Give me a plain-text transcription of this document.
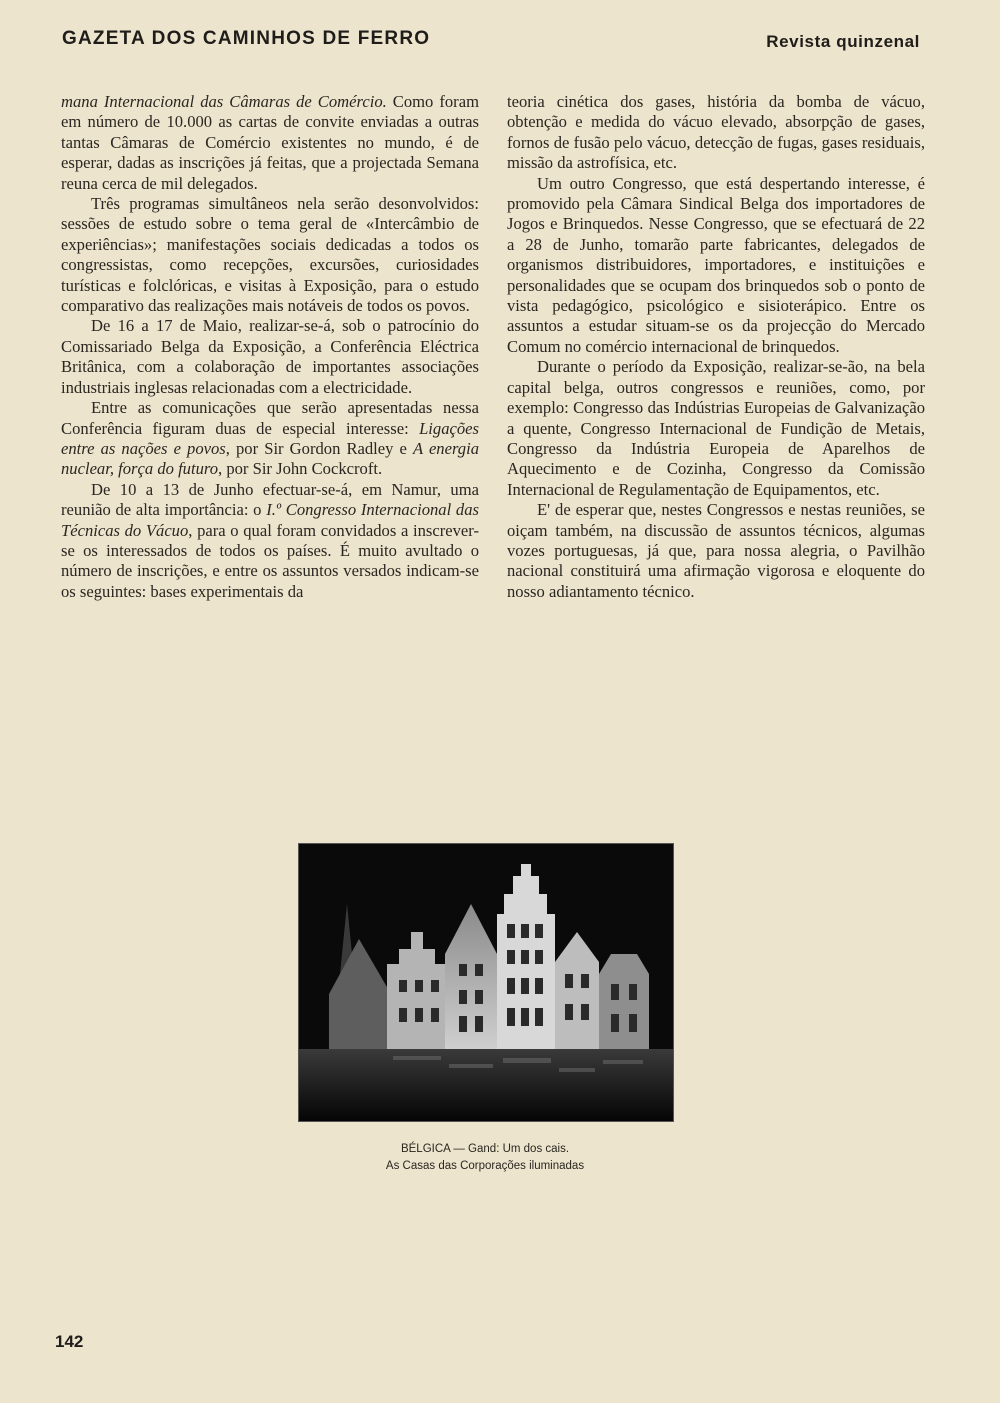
GAZETA DOS CAMINHOS DE FERRO	Revista quinzenal

mana Internacional das Câmaras de Comércio. Como foram em número de 10.000 as cartas de convite enviadas a outras tantas Câmaras de Comércio existentes no mundo, é de esperar, dadas as inscrições já feitas, que a projectada Semana reuna cerca de mil delegados.

Três programas simultâneos nela serão desonvolvidos: sessões de estudo sobre o tema geral de «Intercâmbio de experiências»; manifestações sociais dedicadas a todos os congressistas, como recepções, excursões, curiosidades turísticas e folclóricas, e visitas à Exposição, para o estudo comparativo das realizações mais notáveis de todos os povos.

De 16 a 17 de Maio, realizar-se-á, sob o patrocínio do Comissariado Belga da Exposição, a Conferência Eléctrica Britânica, com a colaboração de importantes associações industriais inglesas relacionadas com a electricidade.

Entre as comunicações que serão apresentadas nessa Conferência figuram duas de especial interesse: Ligações entre as nações e povos, por Sir Gordon Radley e A energia nuclear, força do futuro, por Sir John Cockcroft.

De 10 a 13 de Junho efectuar-se-á, em Namur, uma reunião de alta importância: o I.º Congresso Internacional das Técnicas do Vácuo, para o qual foram convidados a inscrever-se os interessados de todos os países. É muito avultado o número de inscrições, e entre os assuntos versados indicam-se os seguintes: bases experimentais da

teoria cinética dos gases, história da bomba de vácuo, obtenção e medida do vácuo elevado, absorpção de gases, fornos de fusão pelo vácuo, detecção de fugas, gases residuais, missão da astrofísica, etc.

Um outro Congresso, que está despertando interesse, é promovido pela Câmara Sindical Belga dos importadores de Jogos e Brinquedos. Nesse Congresso, que se efectuará de 22 a 28 de Junho, tomarão parte fabricantes, delegados de organismos distribuidores, importadores, e instituições e personalidades que se ocupam dos brinquedos sob o ponto de vista pedagógico, psicológico e sisioterápico. Entre os assuntos a estudar situam-se os da projecção do Mercado Comum no comércio internacional de brinquedos.

Durante o período da Exposição, realizar-se-ão, na bela capital belga, outros congressos e reuniões, como, por exemplo: Congresso das Indústrias Europeias de Galvanização a quente, Congresso Internacional de Fundição de Metais, Congresso da Indústria Europeia de Aparelhos de Aquecimento e de Cozinha, Congresso da Comissão Internacional de Regulamentação de Equipamentos, etc.

E' de esperar que, nestes Congressos e nestas reuniões, se oiçam também, na discussão de assuntos técnicos, algumas vozes portuguesas, já que, para nossa alegria, o Pavilhão nacional constituirá uma afirmação vigorosa e eloquente do nosso adiantamento técnico.

BÉLGICA — Gand: Um dos cais.
As Casas das Corporações iluminadas
142
